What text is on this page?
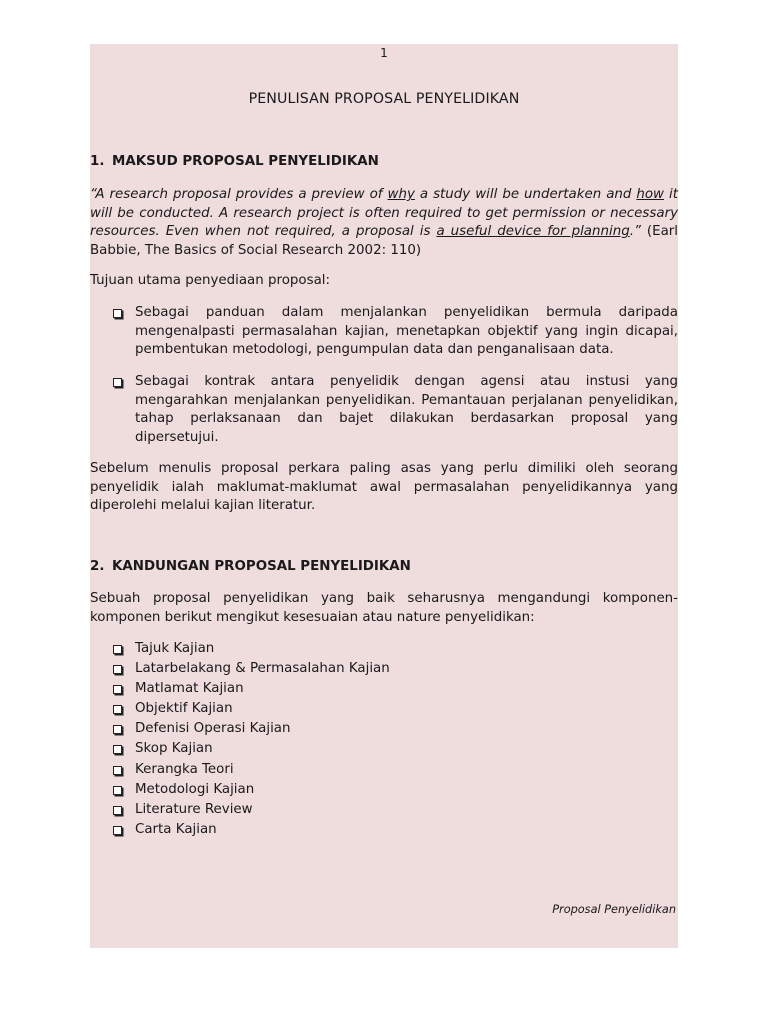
1
PENULISAN PROPOSAL PENYELIDIKAN
1. MAKSUD PROPOSAL PENYELIDIKAN
“A research proposal provides a preview of why a study will be undertaken and how it will be conducted. A research project is often required to get permission or necessary resources. Even when not required, a proposal is a useful device for planning.” (Earl Babbie, The Basics of Social Research 2002: 110)
Tujuan utama penyediaan proposal:
Sebagai panduan dalam menjalankan penyelidikan bermula daripada mengenalpasti permasalahan kajian, menetapkan objektif yang ingin dicapai, pembentukan metodologi, pengumpulan data dan penganalisaan data.
Sebagai kontrak antara penyelidik dengan agensi atau instusi yang mengarahkan menjalankan penyelidikan. Pemantauan perjalanan penyelidikan, tahap perlaksanaan dan bajet dilakukan berdasarkan proposal yang dipersetujui.
Sebelum menulis proposal perkara paling asas yang perlu dimiliki oleh seorang penyelidik ialah maklumat-maklumat awal permasalahan penyelidikannya yang diperolehi melalui kajian literatur.
2. KANDUNGAN PROPOSAL PENYELIDIKAN
Sebuah proposal penyelidikan yang baik seharusnya mengandungi komponen-komponen berikut mengikut kesesuaian atau nature penyelidikan:
Tajuk Kajian
Latarbelakang & Permasalahan Kajian
Matlamat Kajian
Objektif Kajian
Defenisi Operasi Kajian
Skop Kajian
Kerangka Teori
Metodologi Kajian
Literature Review
Carta Kajian
Proposal Penyelidikan
